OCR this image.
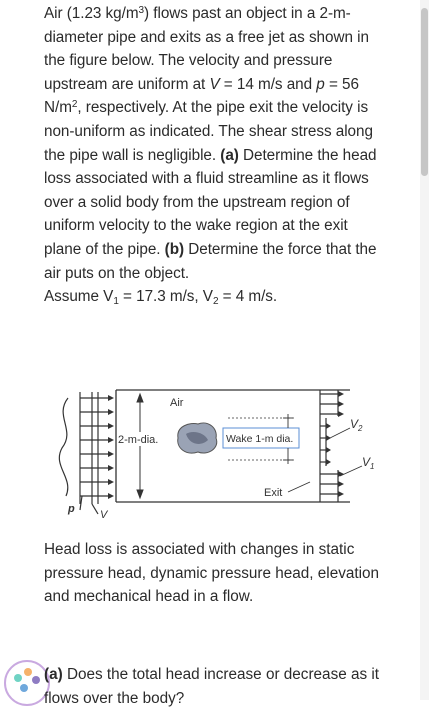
Air (1.23 $kg/m^3$) flows past an object in a 2-m-diameter pipe and exits as a free jet as shown in the figure below. The velocity and pressure upstream are uniform at V = 14 m/s and p = 56 $N/m^2$, respectively. At the pipe exit the velocity is non-uniform as indicated. The shear stress along the pipe wall is negligible. (a) Determine the head loss associated with a fluid streamline as it flows over a solid body from the upstream region of uniform velocity to the wake region at the exit plane of the pipe. (b) Determine the force that the air puts on the object.

Assume $V_1 = 17.3$ m/s, $V_2 = 4$ m/s.

2-m-dia.
Air
Wake 1-m dia.
Exit
$V_2$
$V_1$
p V

Head loss is associated with changes in static pressure head, dynamic pressure head, elevation and mechanical head in a flow.

(a) Does the total head increase or decrease as it flows over the body?
